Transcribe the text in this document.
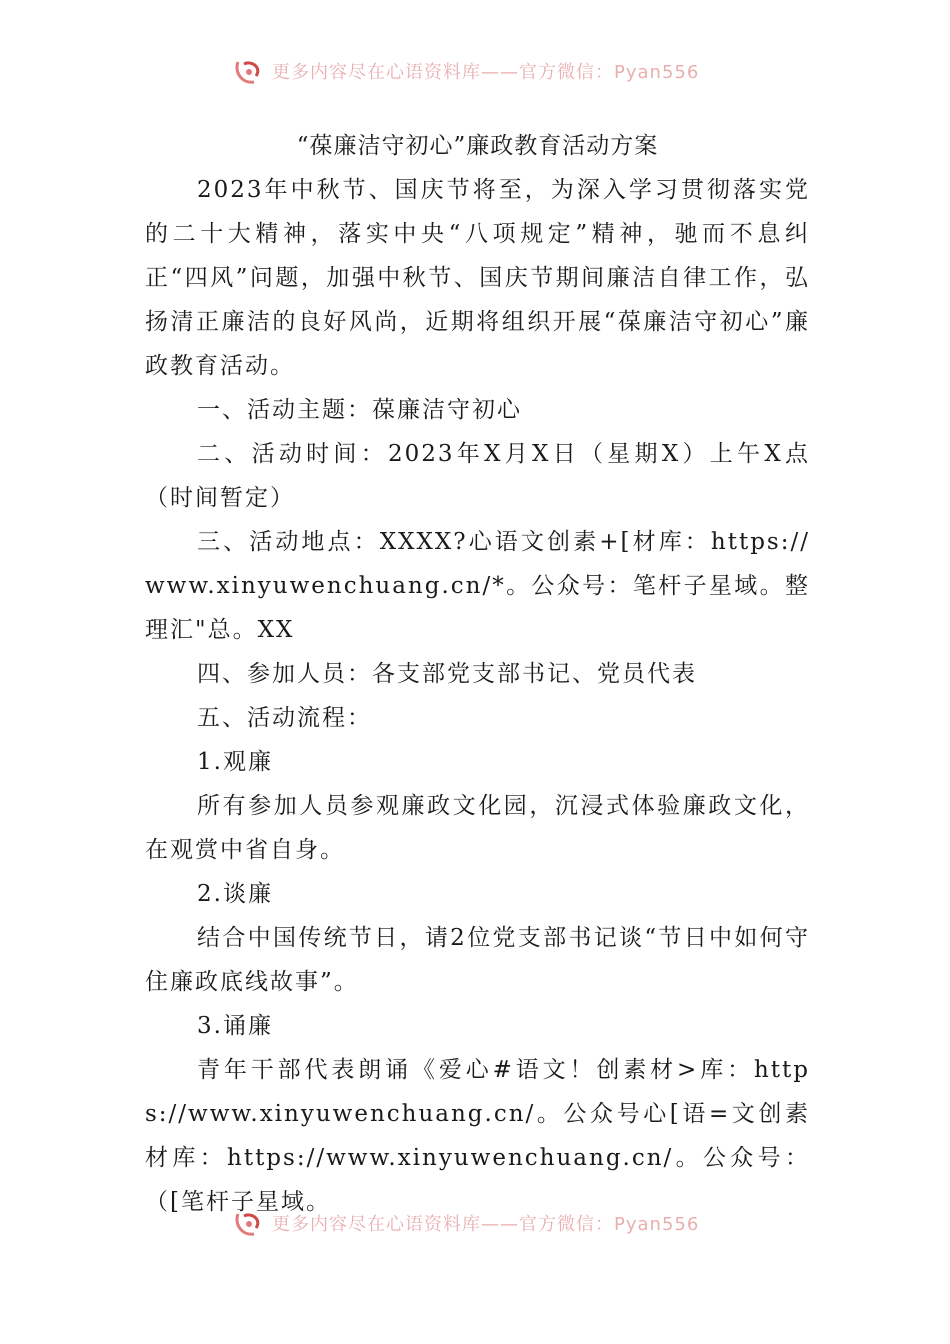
更多内容尽在心语资料库——官方微信：Pyan556

“葆廉洁守初心”廉政教育活动方案

2023年中秋节、国庆节将至，为深入学习贯彻落实党的二十大精神，落实中央“八项规定”精神，驰而不息纠正“四风”问题，加强中秋节、国庆节期间廉洁自律工作，弘扬清正廉洁的良好风尚，近期将组织开展“葆廉洁守初心”廉政教育活动。

一、活动主题：葆廉洁守初心

二、活动时间：2023年X月X日（星期X）上午X点（时间暂定）

三、活动地点：XXXX?心语文创素+[材库：https://www.xinyuwenchuang.cn/*。公众号：笔杆子星域。整理汇"总。XX

四、参加人员：各支部党支部书记、党员代表

五、活动流程：

1.观廉

所有参加人员参观廉政文化园，沉浸式体验廉政文化，在观赏中省自身。

2.谈廉

结合中国传统节日，请2位党支部书记谈“节日中如何守住廉政底线故事”。

3.诵廉

青年干部代表朗诵《爱心#语文！创素材>库：https://www.xinyuwenchuang.cn/。公众号心[语=文创素材库：https://www.xinyuwenchuang.cn/。公众号：（[笔杆子星域。

更多内容尽在心语资料库——官方微信：Pyan556
